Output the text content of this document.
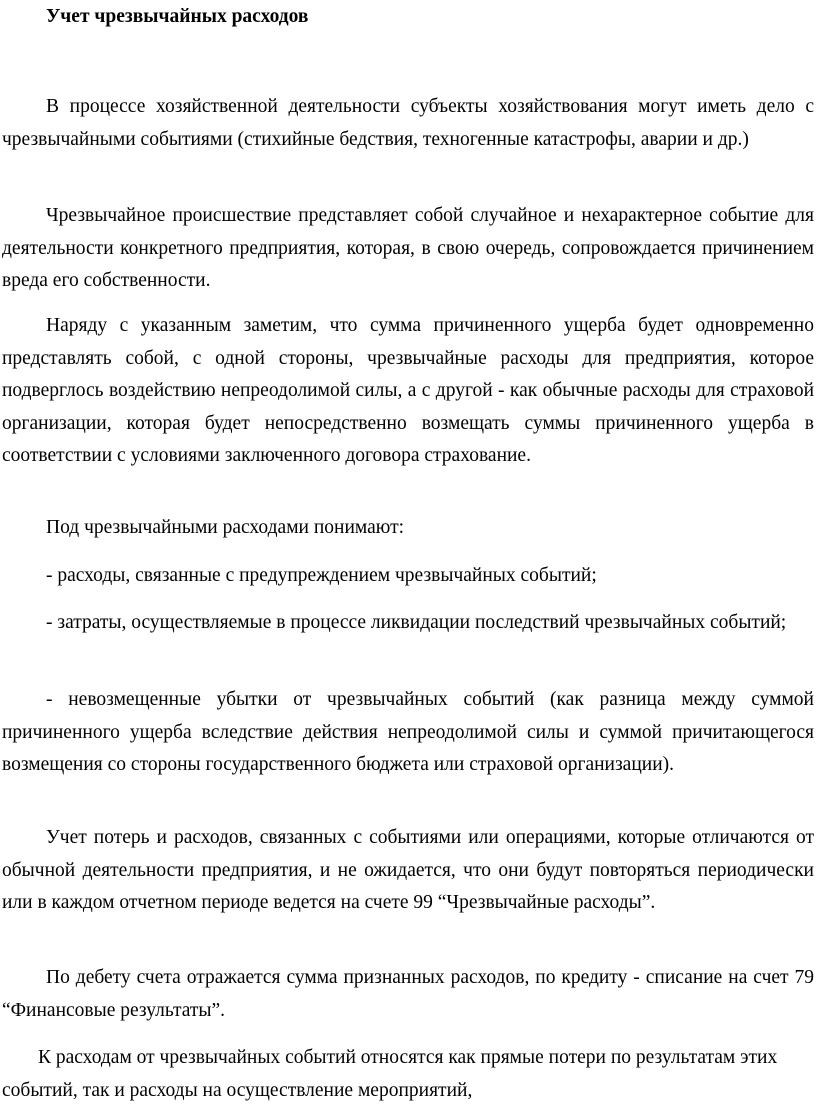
Учет чрезвычайных расходов

В процессе хозяйственной деятельности субъекты хозяйствования могут иметь дело с чрезвычайными событиями (стихийные бедствия, техногенные катастрофы, аварии и др.)

Чрезвычайное происшествие представляет собой случайное и нехарактерное событие для деятельности конкретного предприятия, которая, в свою очередь, сопровождается причинением вреда его собственности.

Наряду с указанным заметим, что сумма причиненного ущерба будет одновременно представлять собой, с одной стороны, чрезвычайные расходы для предприятия, которое подверглось воздействию непреодолимой силы, а с другой - как обычные расходы для страховой организации, которая будет непосредственно возмещать суммы причиненного ущерба в соответствии с условиями заключенного договора страхование.

Под чрезвычайными расходами понимают:

- расходы, связанные с предупреждением чрезвычайных событий;

- затраты, осуществляемые в процессе ликвидации последствий чрезвычайных событий;

- невозмещенные убытки от чрезвычайных событий (как разница между суммой причиненного ущерба вследствие действия непреодолимой силы и суммой причитающегося возмещения со стороны государственного бюджета или страховой организации).

Учет потерь и расходов, связанных с событиями или операциями, которые отличаются от обычной деятельности предприятия, и не ожидается, что они будут повторяться периодически или в каждом отчетном периоде ведется на счете 99 “Чрезвычайные расходы”.

По дебету счета отражается сумма признанных расходов, по кредиту - списание на счет 79 “Финансовые результаты”.

К расходам от чрезвычайных событий относятся как прямые потери по результатам этих событий, так и расходы на осуществление мероприятий,
